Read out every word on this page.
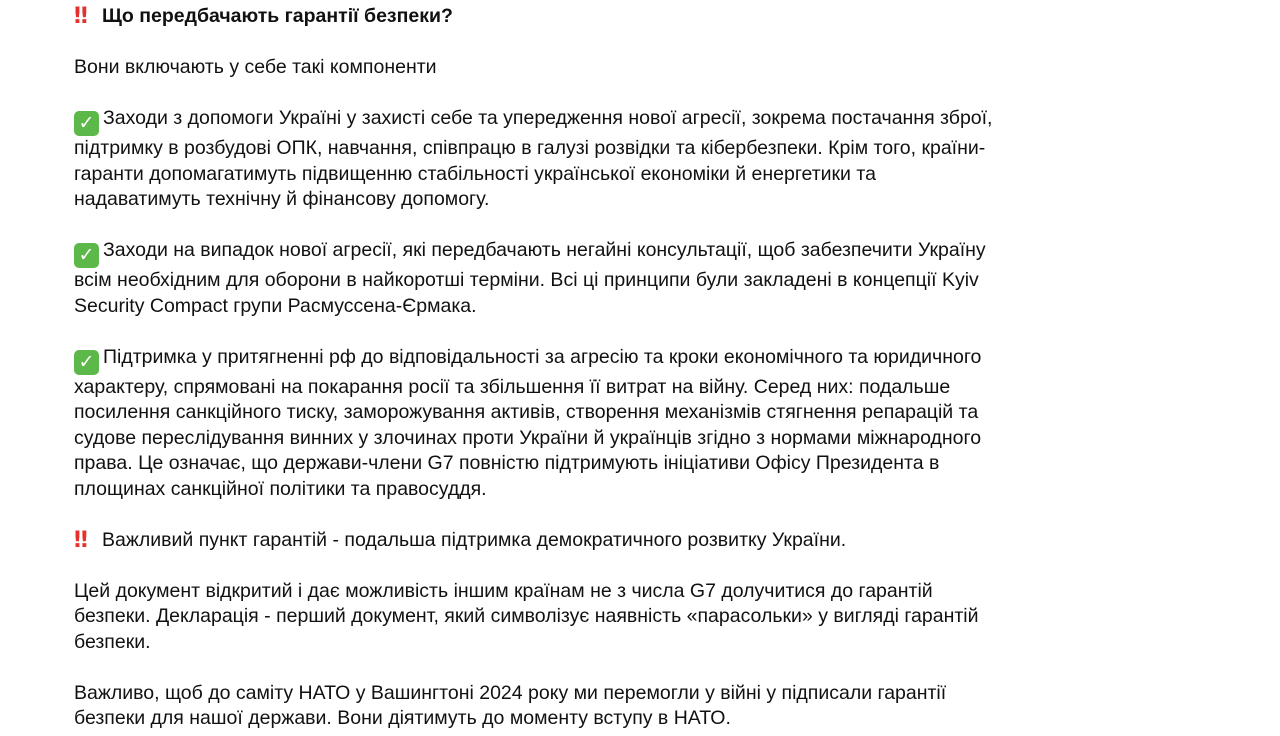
‼ Що передбачають гарантії безпеки?
Вони включають у себе такі компоненти
✓ Заходи з допомоги Україні у захисті себе та упередження нової агресії, зокрема постачання зброї,
підтримку в розбудові ОПК, навчання, співпрацю в галузі розвідки та кібербезпеки. Крім того, країни-
гаранти допомагатимуть підвищенню стабільності української економіки й енергетики та
надаватимуть технічну й фінансову допомогу.
✓ Заходи на випадок нової агресії, які передбачають негайні консультації, щоб забезпечити Україну
всім необхідним для оборони в найкоротші терміни. Всі ці принципи були закладені в концепції Kyiv
Security Compact групи Расмуссена-Єрмака.
✓ Підтримка у притягненні рф до відповідальності за агресію та кроки економічного та юридичного
характеру, спрямовані на покарання росії та збільшення її витрат на війну. Серед них: подальше
посилення санкційного тиску, заморожування активів, створення механізмів стягнення репарацій та
судове переслідування винних у злочинах проти України й українців згідно з нормами міжнародного
права. Це означає, що держави-члени G7 повністю підтримують ініціативи Офісу Президента в
площинах санкційної політики та правосуддя.
‼ Важливий пункт гарантій - подальша підтримка демократичного розвитку України.
Цей документ відкритий і дає можливість іншим країнам не з числа G7 долучитися до гарантій
безпеки. Декларація - перший документ, який символізує наявність «парасольки» у вигляді гарантій
безпеки.
Важливо, щоб до саміту НАТО у Вашингтоні 2024 року ми перемогли у війні у підписали гарантії
безпеки для нашої держави. Вони діятимуть до моменту вступу в НАТО.
